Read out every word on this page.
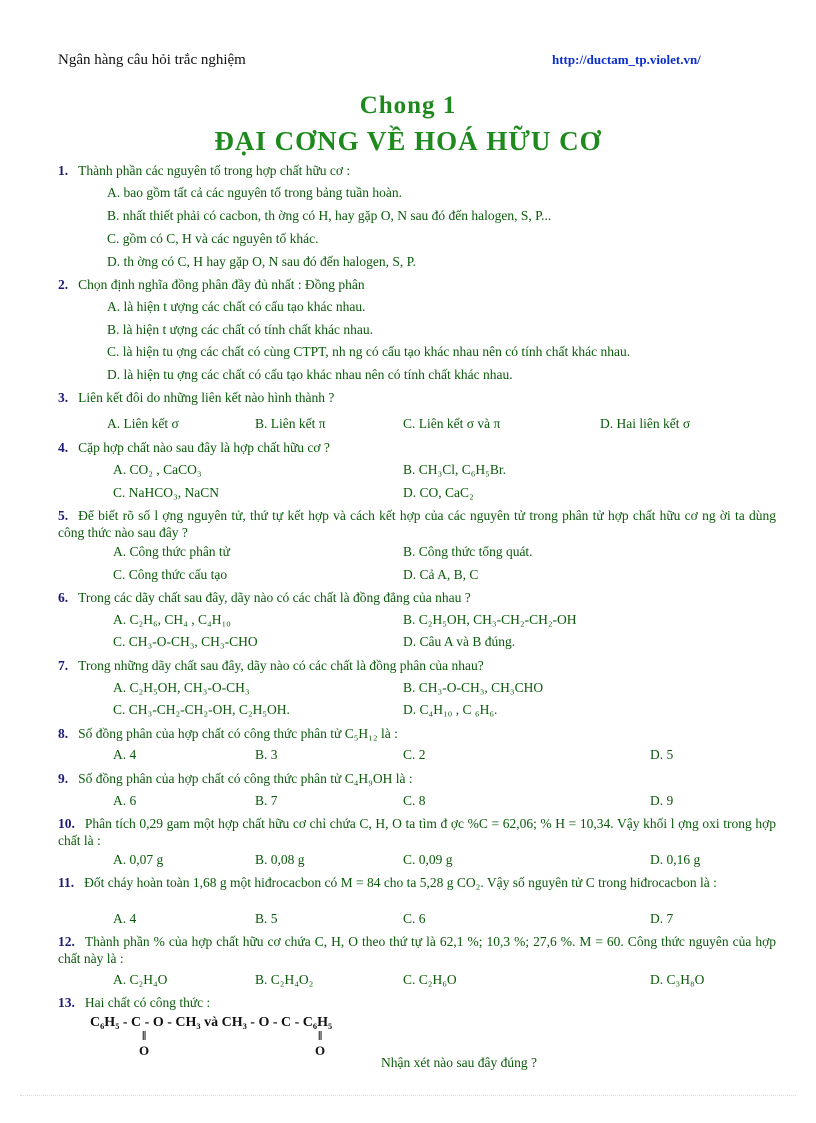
Ngân hàng câu hỏi trắc nghiệm	http://ductam_tp.violet.vn/
Chong 1
ĐẠI CƠNG VỀ HOÁ HỮU CƠ
1. Thành phần các nguyên tố trong hợp chất hữu cơ :
A. bao gồm tất cả các nguyên tố trong bảng tuần hoàn.
B. nhất thiết phải có cacbon, th ờng có H, hay gặp O, N sau đó đến halogen, S, P...
C. gồm có C, H và các nguyên tố khác.
D. th ờng có C, H hay gặp O, N sau đó đến halogen, S, P.
2. Chọn định nghĩa đồng phân đầy đủ nhất : Đồng phân
A. là hiện t ượng các chất có cấu tạo khác nhau.
B. là hiện t ượng các chất có tính chất khác nhau.
C. là hiện tu ợng các chất có cùng CTPT, nh ng có cấu tạo khác nhau nên có tính chất khác nhau.
D. là hiện tu ợng các chất có cấu tạo khác nhau nên có tính chất khác nhau.
3. Liên kết đôi do những liên kết nào hình thành ?
A. Liên kết σ	B. Liên kết π	C. Liên kết σ và π	D. Hai liên kết σ
4. Cặp hợp chất nào sau đây là hợp chất hữu cơ ?
A. CO₂ , CaCO₃	B. CH₃Cl, C₆H₅Br.
C. NaHCO₃, NaCN	D. CO, CaC₂
5. Để biết rõ số l ợng nguyên tử, thứ tự kết hợp và cách kết hợp của các nguyên tử trong phân tử hợp chất hữu cơ ng ời ta dùng công thức nào sau đây ?
A. Công thức phân tử	B. Công thức tổng quát.
C. Công thức cấu tạo	D. Cả A, B, C
6. Trong các dãy chất sau đây, dãy nào có các chất là đồng đẳng của nhau ?
A. C₂H₆, CH₄ , C₄H₁₀	B. C₂H₅OH, CH₃-CH₂-CH₂-OH
C. CH₃-O-CH₃, CH₃-CHO	D. Câu A và B đúng.
7. Trong những dãy chất sau đây, dãy nào có các chất là đồng phân của nhau?
A. C₂H₅OH, CH₃-O-CH₃	B. CH₃-O-CH₃, CH₃CHO
C. CH₃-CH₂-CH₂-OH, C₂H₅OH.	D. C₄H₁₀ , C ₆H₆.
8. Số đồng phân của hợp chất có công thức phân tử C₅H₁₂ là :
A. 4	B. 3	C. 2	D. 5
9. Số đồng phân của hợp chất có công thức phân tử C₄H₉OH là :
A. 6	B. 7	C. 8	D. 9
10. Phân tích 0,29 gam một hợp chất hữu cơ chỉ chứa C, H, O ta tìm đ ợc %C = 62,06; % H = 10,34. Vậy khối l ợng oxi trong hợp chất là :
A. 0,07 g	B. 0,08 g	C. 0,09 g	D. 0,16 g
11. Đốt cháy hoàn toàn 1,68 g một hiđrocacbon có M = 84 cho ta 5,28 g CO₂. Vậy số nguyên tử C trong hiđrocacbon là :
A. 4	B. 5	C. 6	D. 7
12. Thành phần % của hợp chất hữu cơ chứa C, H, O theo thứ tự là 62,1 %; 10,3 %; 27,6 %. M = 60. Công thức nguyên của hợp chất này là :
A. C₂H₄O	B. C₂H₄O₂	C. C₂H₆O	D. C₃H₈O
13. Hai chất có công thức :
C₆H₅ - C - O - CH₃ và CH₃ - O - C - C₆H₅
‖
O
‖
O
Nhận xét nào sau đây đúng ?
